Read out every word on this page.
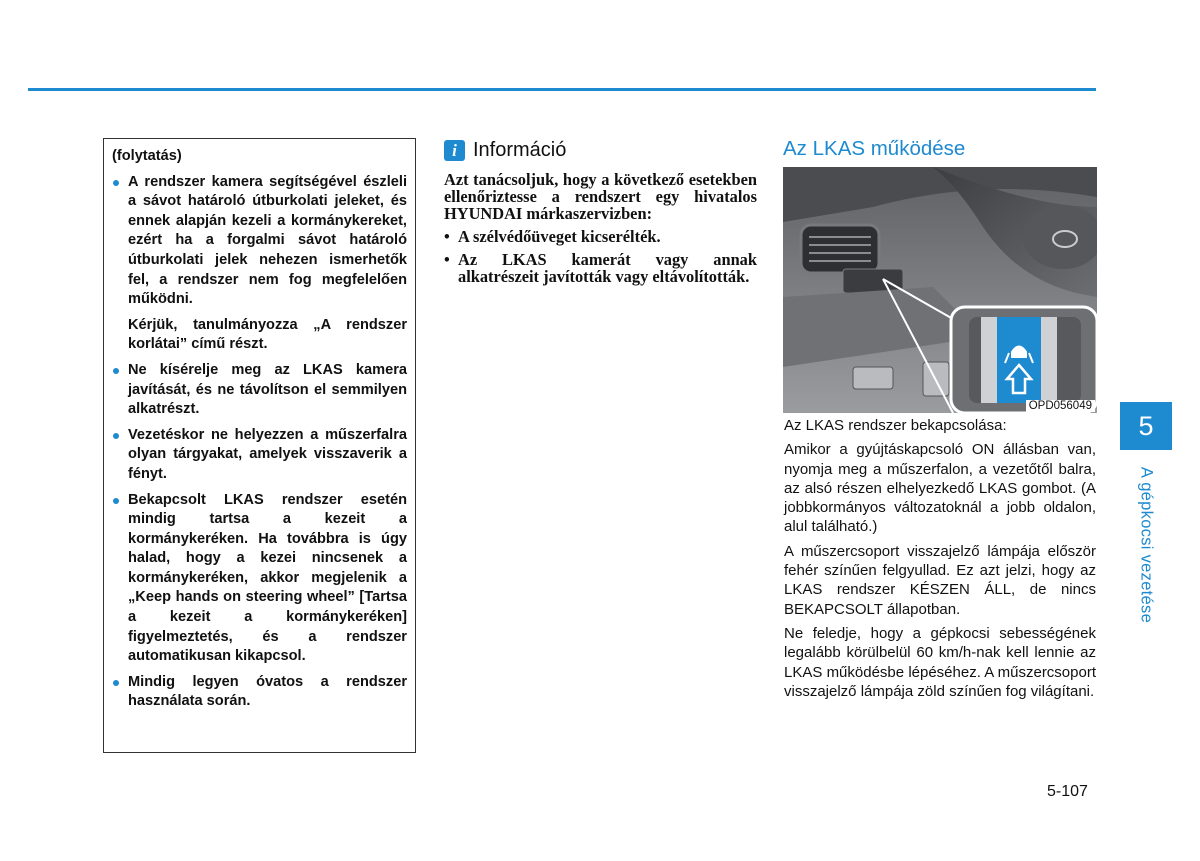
(folytatás)

A rendszer kamera segítségével észleli a sávot határoló útburkolati jeleket, és ennek alapján kezeli a kormánykereket, ezért ha a forgalmi sávot határoló útburkolati jelek nehezen ismerhetők fel, a rendszer nem fog megfelelően működni.

Kérjük, tanulmányozza „A rendszer korlátai” című részt.

Ne kísérelje meg az LKAS kamera javítását, és ne távolítson el semmilyen alkatrészt.

Vezetéskor ne helyezzen a műszerfalra olyan tárgyakat, amelyek visszaverik a fényt.

Bekapcsolt LKAS rendszer esetén mindig tartsa a kezeit a kormánykeréken. Ha továbbra is úgy halad, hogy a kezei nincsenek a kormánykeréken, akkor megjelenik a „Keep hands on steering wheel” [Tartsa a kezeit a kormánykeréken] figyelmeztetés, és a rendszer automatikusan kikapcsol.

Mindig legyen óvatos a rendszer használata során.

i Információ

Azt tanácsoljuk, hogy a következő esetekben ellenőriztesse a rendszert egy hivatalos HYUNDAI márkaszervizben:

• A szélvédőüveget kicserélték.
• Az LKAS kamerát vagy annak alkatrészeit javították vagy eltávolították.
Az LKAS működése
OPD056049

Az LKAS rendszer bekapcsolása:

Amikor a gyújtáskapcsoló ON állásban van, nyomja meg a műszerfalon, a vezetőtől balra, az alsó részen elhelyezkedő LKAS gombot. (A jobbkormányos változatoknál a jobb oldalon, alul található.)

A műszercsoport visszajelző lámpája először fehér színűen felgyullad. Ez azt jelzi, hogy az LKAS rendszer KÉSZEN ÁLL, de nincs BEKAPCSOLT állapotban.

Ne feledje, hogy a gépkocsi sebességének legalább körülbelül 60 km/h-nak kell lennie az LKAS működésbe lépéséhez. A műszercsoport visszajelző lámpája zöld színűen fog világítani.

5
A gépkocsi vezetése
5-107
